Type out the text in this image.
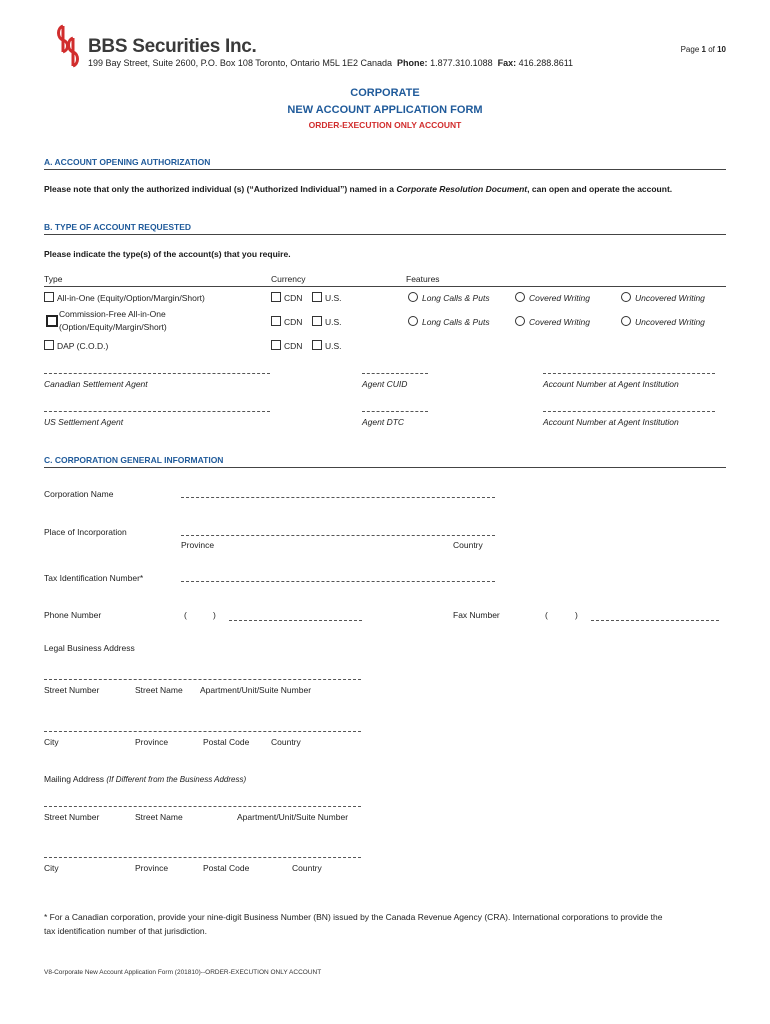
BBS Securities Inc.
199 Bay Street, Suite 2600, P.O. Box 108 Toronto, Ontario M5L 1E2 Canada Phone: 1.877.310.1088 Fax: 416.288.8611
Page 1 of 10
CORPORATE
NEW ACCOUNT APPLICATION FORM
ORDER-EXECUTION ONLY ACCOUNT
A. ACCOUNT OPENING AUTHORIZATION
Please note that only the authorized individual (s) (“Authorized Individual”) named in a Corporate Resolution Document, can open and operate the account.
B. TYPE OF ACCOUNT REQUESTED
Please indicate the type(s) of the account(s) that you require.
Type	Currency	Features
All-in-One (Equity/Option/Margin/Short)	CDN	U.S.	Long Calls & Puts	Covered Writing	Uncovered Writing
Commission-Free All-in-One
(Option/Equity/Margin/Short)	CDN	U.S.	Long Calls & Puts	Covered Writing	Uncovered Writing
DAP (C.O.D.)	CDN	U.S.
Canadian Settlement Agent	Agent CUID	Account Number at Agent Institution
US Settlement Agent	Agent DTC	Account Number at Agent Institution
C. CORPORATION GENERAL INFORMATION
Corporation Name
Place of Incorporation
Province	Country
Tax Identification Number*
Phone Number	(	)	Fax Number	(	)
Legal Business Address
Street Number	Street Name Apartment/Unit/Suite Number
City	Province	Postal Code	Country
Mailing Address (If Different from the Business Address)
Street Number	Street Name	Apartment/Unit/Suite Number
City	Province	Postal Code	Country
* For a Canadian corporation, provide your nine-digit Business Number (BN) issued by the Canada Revenue Agency (CRA). International corporations to provide the
tax identification number of that jurisdiction.
V8-Corporate New Account Application Form (201810)--ORDER-EXECUTION ONLY ACCOUNT
